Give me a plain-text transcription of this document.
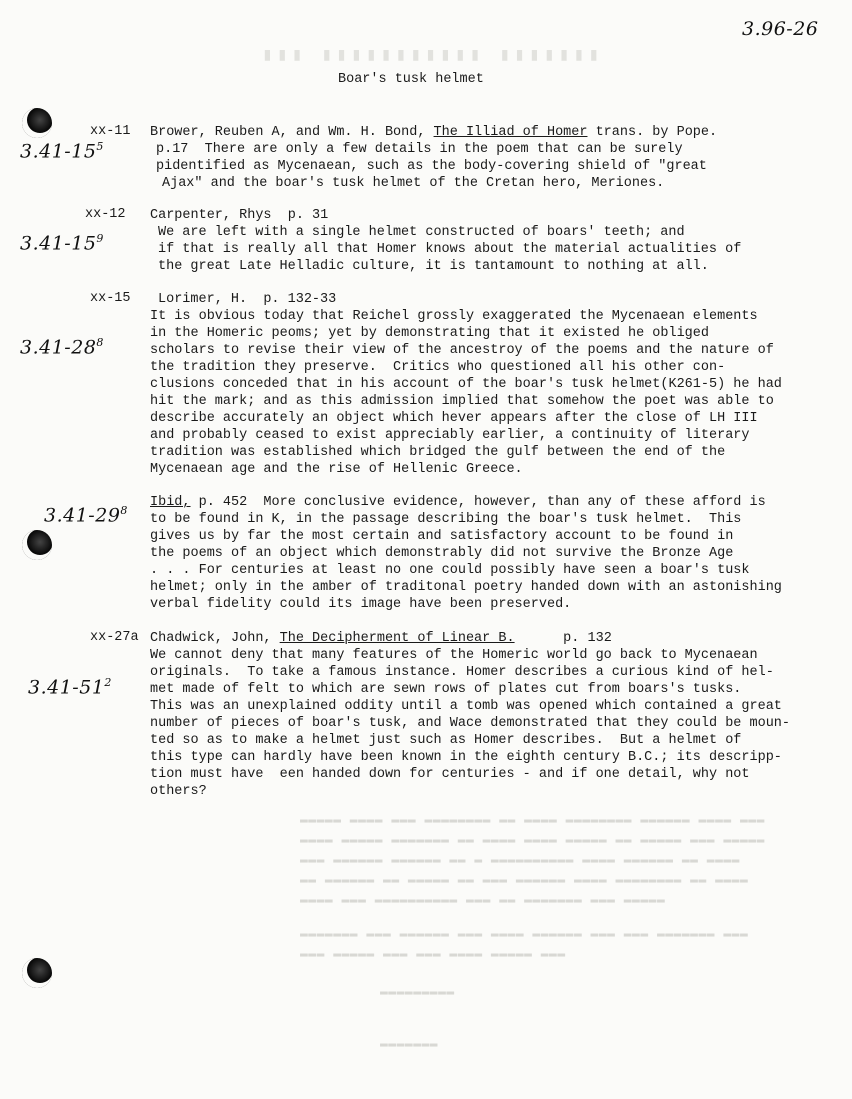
▮▮▮ ▮▮▮▮▮▮▮▮▮▮▮ ▮▮▮▮▮▮▮
3.96-26
Boar's tusk helmet
xx-11
$3.41-15^5$
Brower, Reuben A, and Wm. H. Bond, The Illiad of Homer trans. by Pope.
p.17  There are only a few details in the poem that can be surely
pidentified as Mycenaean, such as the body-covering shield of "great
Ajax" and the boar's tusk helmet of the Cretan hero, Meriones.
xx-12
$3.41-15^9$
Carpenter, Rhys  p. 31
We are left with a single helmet constructed of boars' teeth; and
if that is really all that Homer knows about the material actualities of
the great Late Helladic culture, it is tantamount to nothing at all.
xx-15
$3.41-28^8$
Lorimer, H.  p. 132-33
It is obvious today that Reichel grossly exaggerated the Mycenaean elements
in the Homeric peoms; yet by demonstrating that it existed he obliged
scholars to revise their view of the ancestroy of the poems and the nature of
the tradition they preserve.  Critics who questioned all his other con-
clusions conceded that in his account of the boar's tusk helmet(K261-5) he had
hit the mark; and as this admission implied that somehow the poet was able to
describe accurately an object which hever appears after the close of LH III
and probably ceased to exist appreciably earlier, a continuity of literary
tradition was established which bridged the gulf between the end of the
Mycenaean age and the rise of Hellenic Greece.
$3.41-29^8$
Ibid, p. 452  More conclusive evidence, however, than any of these afford is
to be found in K, in the passage describing the boar's tusk helmet.  This
gives us by far the most certain and satisfactory account to be found in
the poems of an object which demonstrably did not survive the Bronze Age
. . . For centuries at least no one could possibly have seen a boar's tusk
helmet; only in the amber of traditonal poetry handed down with an astonishing
verbal fidelity could its image have been preserved.
xx-27a
$3.41-51^2$
Chadwick, John, The Decipherment of Linear B.      p. 132
We cannot deny that many features of the Homeric world go back to Mycenaean
originals.  To take a famous instance. Homer describes a curious kind of hel-
met made of felt to which are sewn rows of plates cut from boars's tusks.
This was an unexplained oddity until a tomb was opened which contained a great
number of pieces of boar's tusk, and Wace demonstrated that they could be moun-
ted so as to make a helmet just such as Homer describes.  But a helmet of
this type can hardly have been known in the eighth century B.C.; its descripp-
tion must have  een handed down for centuries - and if one detail, why not
others?
▬▬▬▬▬ ▬▬▬▬ ▬▬▬ ▬▬▬▬▬▬▬▬ ▬▬ ▬▬▬▬ ▬▬▬▬▬▬▬▬ ▬▬▬▬▬▬ ▬▬▬▬ ▬▬▬
▬▬▬▬ ▬▬▬▬▬ ▬▬▬▬▬▬▬ ▬▬ ▬▬▬▬ ▬▬▬▬ ▬▬▬▬▬ ▬▬ ▬▬▬▬▬ ▬▬▬ ▬▬▬▬▬
▬▬▬ ▬▬▬▬▬▬ ▬▬▬▬▬▬ ▬▬ ▬ ▬▬▬▬▬▬▬▬▬▬ ▬▬▬▬ ▬▬▬▬▬▬ ▬▬ ▬▬▬▬
▬▬ ▬▬▬▬▬▬ ▬▬ ▬▬▬▬▬ ▬▬ ▬▬▬ ▬▬▬▬▬▬ ▬▬▬▬ ▬▬▬▬▬▬▬▬ ▬▬ ▬▬▬▬
▬▬▬▬ ▬▬▬ ▬▬▬▬▬▬▬▬▬▬ ▬▬▬ ▬▬ ▬▬▬▬▬▬▬ ▬▬▬ ▬▬▬▬▬
▬▬▬▬▬▬▬ ▬▬▬ ▬▬▬▬▬▬ ▬▬▬ ▬▬▬▬ ▬▬▬▬▬▬ ▬▬▬ ▬▬▬ ▬▬▬▬▬▬▬ ▬▬▬
▬▬▬ ▬▬▬▬▬ ▬▬▬ ▬▬▬ ▬▬▬▬ ▬▬▬▬▬ ▬▬▬
▬▬▬▬▬▬▬▬▬
▬▬▬▬▬▬▬
